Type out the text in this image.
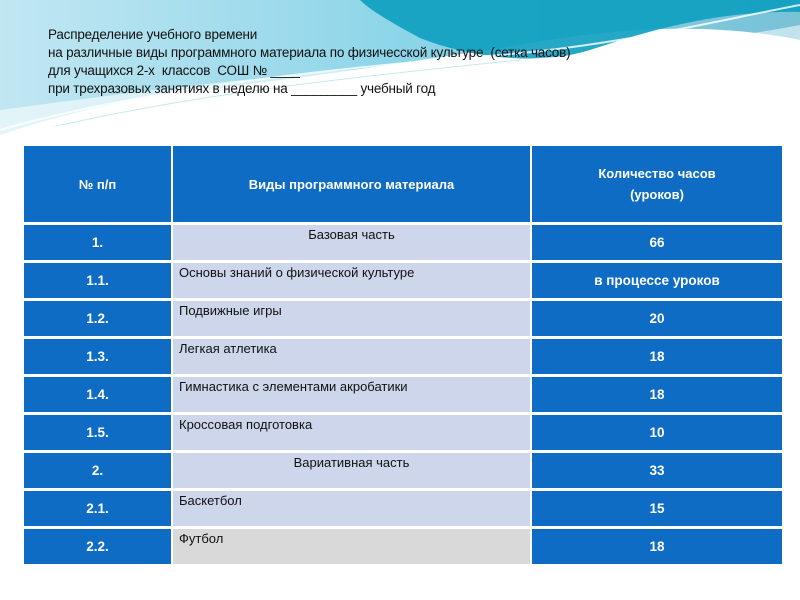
Распределение учебного времени
на различные виды программного материала по физичесской культуре  (сетка часов)
для учащихся 2-х  классов  СОШ № ____
при трехразовых занятиях в неделю на _________ учебный год
№ п/п	Виды программного материала	Количество часов
(уроков)
1.	Базовая часть	66
1.1.	Основы знаний о физической культуре	в процессе уроков
1.2.	Подвижные игры	20
1.3.	Легкая атлетика	18
1.4.	Гимнастика с элементами акробатики	18
1.5.	Кроссовая подготовка	10
2.	Вариативная часть	33
2.1.	Баскетбол	15
2.2.	Футбол	18
